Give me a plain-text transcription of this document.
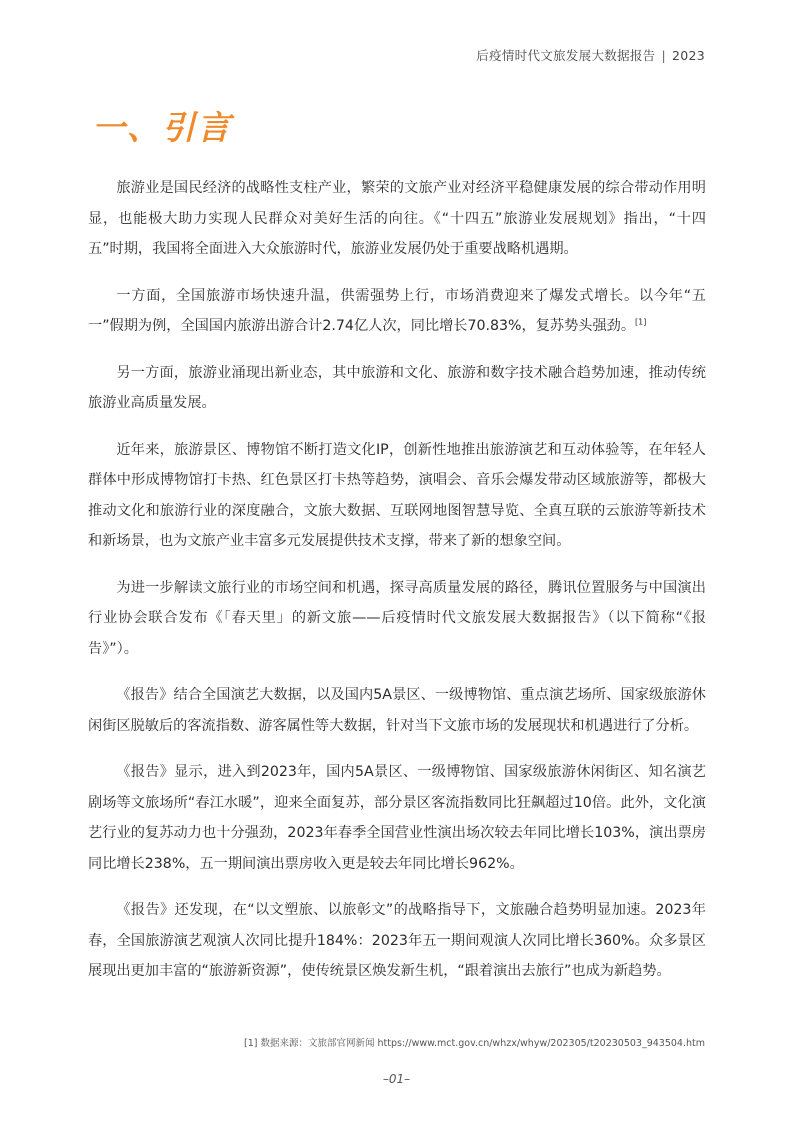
后疫情时代文旅发展大数据报告 | 2023
一、引言

旅游业是国民经济的战略性支柱产业，繁荣的文旅产业对经济平稳健康发展的综合带动作用明显，也能极大助力实现人民群众对美好生活的向往。《“十四五”旅游业发展规划》指出，“十四五”时期，我国将全面进入大众旅游时代，旅游业发展仍处于重要战略机遇期。

一方面，全国旅游市场快速升温，供需强势上行，市场消费迎来了爆发式增长。以今年“五一”假期为例，全国国内旅游出游合计2.74亿人次，同比增长70.83%，复苏势头强劲。[1]

另一方面，旅游业涌现出新业态，其中旅游和文化、旅游和数字技术融合趋势加速，推动传统旅游业高质量发展。

近年来，旅游景区、博物馆不断打造文化IP，创新性地推出旅游演艺和互动体验等，在年轻人群体中形成博物馆打卡热、红色景区打卡热等趋势，演唱会、音乐会爆发带动区域旅游等，都极大推动文化和旅游行业的深度融合，文旅大数据、互联网地图智慧导览、全真互联的云旅游等新技术和新场景，也为文旅产业丰富多元发展提供技术支撑，带来了新的想象空间。

为进一步解读文旅行业的市场空间和机遇，探寻高质量发展的路径，腾讯位置服务与中国演出行业协会联合发布《「春天里」的新文旅——后疫情时代文旅发展大数据报告》（以下简称“《报告》”）。

《报告》结合全国演艺大数据，以及国内5A景区、一级博物馆、重点演艺场所、国家级旅游休闲街区脱敏后的客流指数、游客属性等大数据，针对当下文旅市场的发展现状和机遇进行了分析。

《报告》显示，进入到2023年，国内5A景区、一级博物馆、国家级旅游休闲街区、知名演艺剧场等文旅场所“春江水暖”，迎来全面复苏，部分景区客流指数同比狂飙超过10倍。此外，文化演艺行业的复苏动力也十分强劲，2023年春季全国营业性演出场次较去年同比增长103%，演出票房同比增长238%，五一期间演出票房收入更是较去年同比增长962%。

《报告》还发现，在“以文塑旅、以旅彰文”的战略指导下，文旅融合趋势明显加速。2023年春，全国旅游演艺观演人次同比提升184%：2023年五一期间观演人次同比增长360%。众多景区展现出更加丰富的“旅游新资源”，使传统景区焕发新生机，“跟着演出去旅行”也成为新趋势。

[1] 数据来源：文旅部官网新闻 https://www.mct.gov.cn/whzx/whyw/202305/t20230503_943504.htm
–01–
